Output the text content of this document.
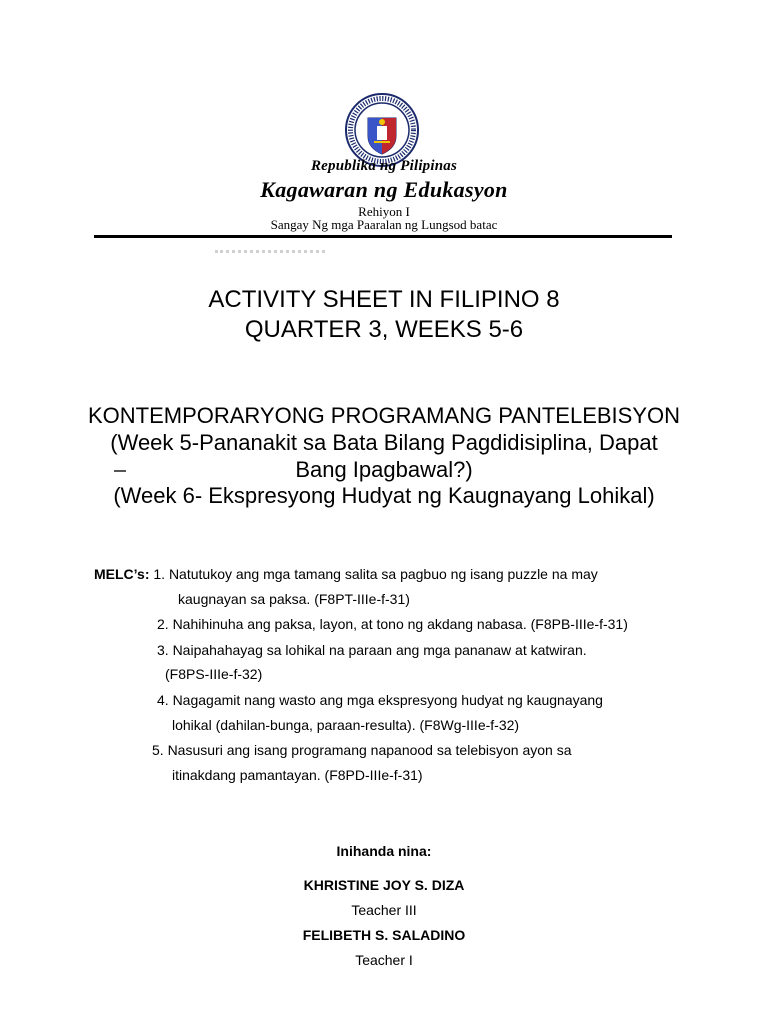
Republika ng Pilipinas
Kagawaran ng Edukasyon
Rehiyon I
Sangay Ng mga Paaralan ng Lungsod batac
ACTIVITY SHEET IN FILIPINO 8
QUARTER 3, WEEKS 5-6
KONTEMPORARYONG PROGRAMANG PANTELEBISYON
(Week 5-Pananakit sa Bata Bilang Pagdidisiplina, Dapat
Bang Ipagbawal?)
(Week 6- Ekspresyong Hudyat ng Kaugnayang Lohikal)
MELC’s: 1. Natutukoy ang mga tamang salita sa pagbuo ng isang puzzle na may
kaugnayan sa paksa. (F8PT-IIIe-f-31)
2. Nahihinuha ang paksa, layon, at tono ng akdang nabasa. (F8PB-IIIe-f-31)
3. Naipahahayag sa lohikal na paraan ang mga pananaw at katwiran.
(F8PS-IIIe-f-32)
4. Nagagamit nang wasto ang mga ekspresyong hudyat ng kaugnayang
lohikal (dahilan-bunga, paraan-resulta). (F8Wg-IIIe-f-32)
5. Nasusuri ang isang programang napanood sa telebisyon ayon sa
itinakdang pamantayan. (F8PD-IIIe-f-31)
Inihanda nina:
KHRISTINE JOY S. DIZA
Teacher III
FELIBETH S. SALADINO
Teacher I
